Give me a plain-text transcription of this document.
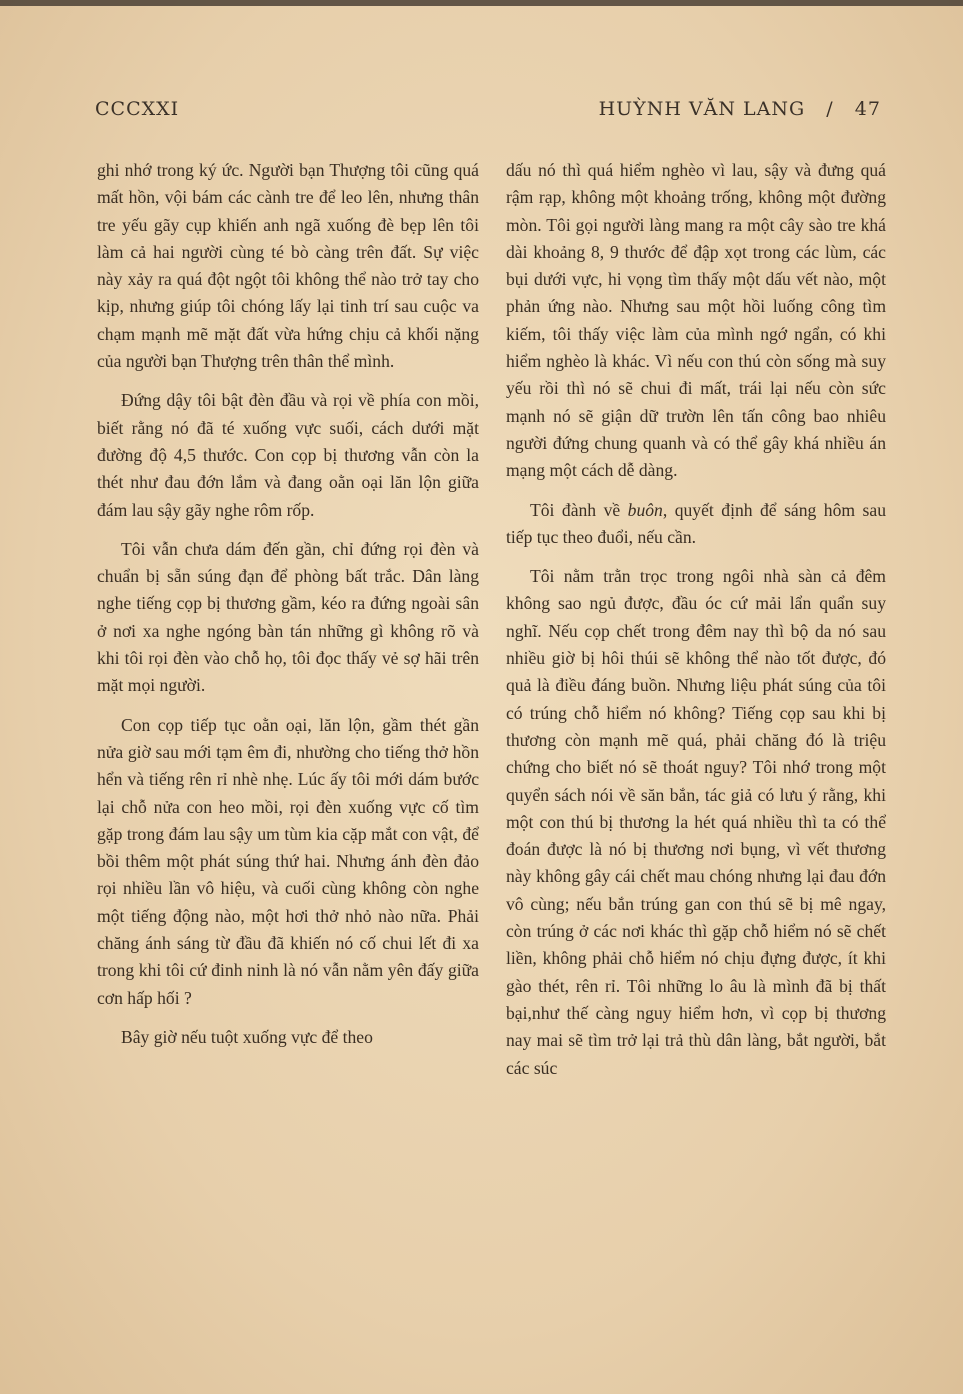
CCCXXI	HUỲNH VĂN LANG   /   47

ghi nhớ trong ký ức. Người bạn Thượng tôi cũng quá mất hồn, vội bám các cành tre để leo lên, nhưng thân tre yếu gãy cụp khiến anh ngã xuống đè bẹp lên tôi làm cả hai người cùng té bò càng trên đất. Sự việc này xảy ra quá đột ngột tôi không thể nào trở tay cho kịp, nhưng giúp tôi chóng lấy lại tinh trí sau cuộc va chạm mạnh mẽ mặt đất vừa hứng chịu cả khối nặng của người bạn Thượng trên thân thể mình.

Đứng dậy tôi bật đèn đầu và rọi về phía con mồi, biết rằng nó đã té xuống vực suối, cách dưới mặt đường độ 4,5 thước. Con cọp bị thương vẫn còn la thét như đau đớn lắm và đang oằn oại lăn lộn giữa đám lau sậy gãy nghe rôm rốp.

Tôi vẫn chưa dám đến gần, chỉ đứng rọi đèn và chuẩn bị sẵn súng đạn để phòng bất trắc. Dân làng nghe tiếng cọp bị thương gầm, kéo ra đứng ngoài sân ở nơi xa nghe ngóng bàn tán những gì không rõ và khi tôi rọi đèn vào chỗ họ, tôi đọc thấy vẻ sợ hãi trên mặt mọi người.

Con cọp tiếp tục oằn oại, lăn lộn, gầm thét gần nửa giờ sau mới tạm êm đi, nhường cho tiếng thở hồn hển và tiếng rên rỉ nhè nhẹ. Lúc ấy tôi mới dám bước lại chỗ nửa con heo mồi, rọi đèn xuống vực cố tìm gặp trong đám lau sậy um tùm kia cặp mắt con vật, để bồi thêm một phát súng thứ hai. Nhưng ánh đèn đảo rọi nhiều lần vô hiệu, và cuối cùng không còn nghe một tiếng động nào, một hơi thở nhỏ nào nữa. Phải chăng ánh sáng từ đầu đã khiến nó cố chui lết đi xa trong khi tôi cứ đinh ninh là nó vẫn nằm yên đấy giữa cơn hấp hối ?

Bây giờ nếu tuột xuống vực để theo

dấu nó thì quá hiểm nghèo vì lau, sậy và đưng quá rậm rạp, không một khoảng trống, không một đường mòn. Tôi gọi người làng mang ra một cây sào tre khá dài khoảng 8, 9 thước để đập xọt trong các lùm, các bụi dưới vực, hi vọng tìm thấy một dấu vết nào, một phản ứng nào. Nhưng sau một hồi luống công tìm kiếm, tôi thấy việc làm của mình ngớ ngẩn, có khi hiểm nghèo là khác. Vì nếu con thú còn sống mà suy yếu rồi thì nó sẽ chui đi mất, trái lại nếu còn sức mạnh nó sẽ giận dữ trườn lên tấn công bao nhiêu người đứng chung quanh và có thể gây khá nhiều án mạng một cách dễ dàng.

Tôi đành về buôn, quyết định để sáng hôm sau tiếp tục theo đuổi, nếu cần.

Tôi nằm trằn trọc trong ngôi nhà sàn cả đêm không sao ngủ được, đầu óc cứ mải lẩn quẩn suy nghĩ. Nếu cọp chết trong đêm nay thì bộ da nó sau nhiều giờ bị hôi thúi sẽ không thể nào tốt được, đó quả là điều đáng buồn. Nhưng liệu phát súng của tôi có trúng chỗ hiểm nó không? Tiếng cọp sau khi bị thương còn mạnh mẽ quá, phải chăng đó là triệu chứng cho biết nó sẽ thoát nguy? Tôi nhớ trong một quyển sách nói về săn bắn, tác giả có lưu ý rằng, khi một con thú bị thương la hét quá nhiều thì ta có thể đoán được là nó bị thương nơi bụng, vì vết thương này không gây cái chết mau chóng nhưng lại đau đớn vô cùng; nếu bắn trúng gan con thú sẽ bị mê ngay, còn trúng ở các nơi khác thì gặp chỗ hiểm nó sẽ chết liền, không phải chỗ hiểm nó chịu đựng được, ít khi gào thét, rên rỉ. Tôi những lo âu là mình đã bị thất bại,như thế càng nguy hiểm hơn, vì cọp bị thương nay mai sẽ tìm trở lại trả thù dân làng, bắt người, bắt các súc
